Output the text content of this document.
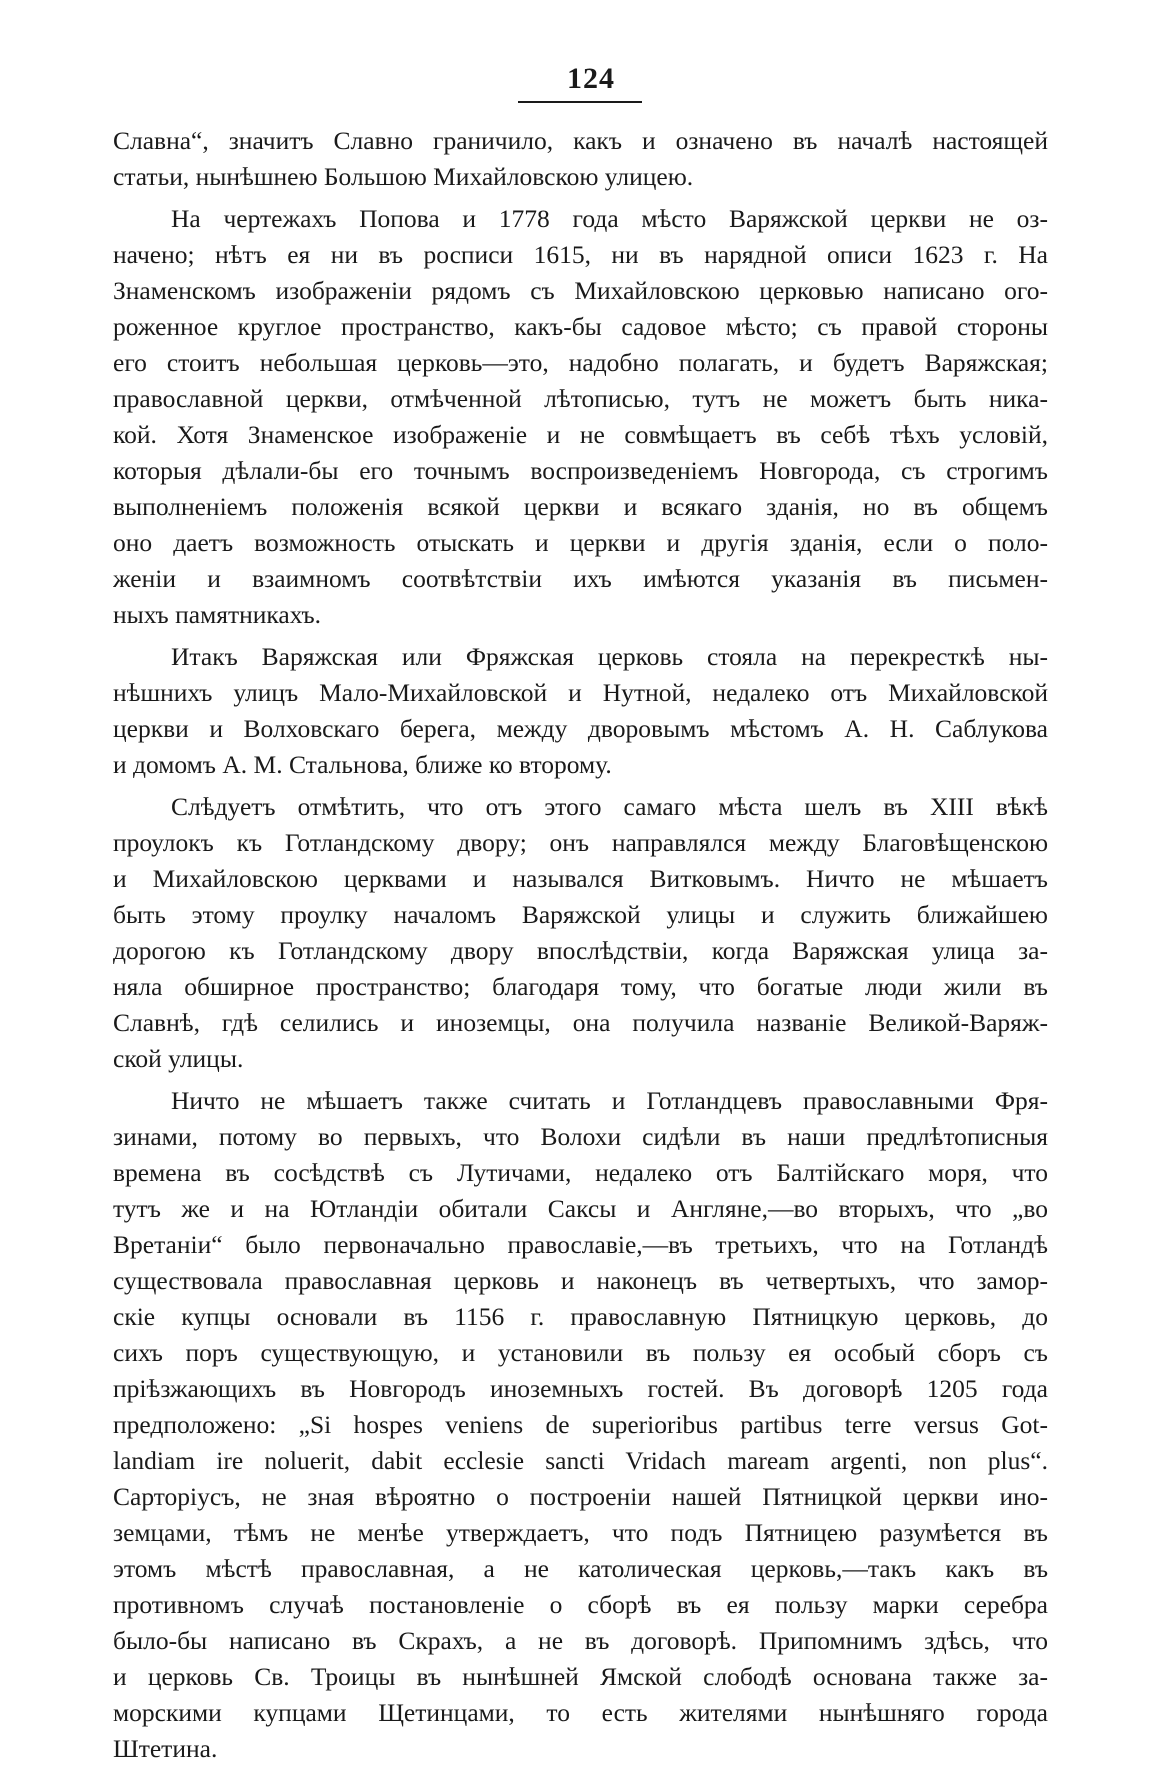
124
Славна“, значитъ Славно граничило, какъ и означено въ началѣ настоящей
статьи, нынѣшнею Большою Михайловскою улицею.
На чертежахъ Попова и 1778 года мѣсто Варяжской церкви не оз-
начено; нѣтъ ея ни въ росписи 1615, ни въ нарядной описи 1623 г. На
Знаменскомъ изображеніи рядомъ съ Михайловскою церковью написано ого-
роженное круглое пространство, какъ-бы садовое мѣсто; съ правой стороны
его стоитъ небольшая церковь—это, надобно полагать, и будетъ Варяжская;
православной церкви, отмѣченной лѣтописью, тутъ не можетъ быть ника-
кой. Хотя Знаменское изображеніе и не совмѣщаетъ въ себѣ тѣхъ условій,
которыя дѣлали-бы его точнымъ воспроизведеніемъ Новгорода, съ строгимъ
выполненіемъ положенія всякой церкви и всякаго зданія, но въ общемъ
оно даетъ возможность отыскать и церкви и другія зданія, если о поло-
женіи и взаимномъ соотвѣтствіи ихъ имѣются указанія въ письмен-
ныхъ памятникахъ.
Итакъ Варяжская или Фряжская церковь стояла на перекресткѣ ны-
нѣшнихъ улицъ Мало-Михайловской и Нутной, недалеко отъ Михайловской
церкви и Волховскаго берега, между дворовымъ мѣстомъ А. Н. Саблукова
и домомъ А. М. Стальнова, ближе ко второму.
Слѣдуетъ отмѣтить, что отъ этого самаго мѣста шелъ въ XIII вѣкѣ
проулокъ къ Готландскому двору; онъ направлялся между Благовѣщенскою
и Михайловскою церквами и назывался Витковымъ. Ничто не мѣшаетъ
быть этому проулку началомъ Варяжской улицы и служить ближайшею
дорогою къ Готландскому двору впослѣдствіи, когда Варяжская улица за-
няла обширное пространство; благодаря тому, что богатые люди жили въ
Славнѣ, гдѣ селились и иноземцы, она получила названіе Великой-Варяж-
ской улицы.
Ничто не мѣшаетъ также считать и Готландцевъ православными Фря-
зинами, потому во первыхъ, что Волохи сидѣли въ наши предлѣтописныя
времена въ сосѣдствѣ съ Лутичами, недалеко отъ Балтійскаго моря, что
тутъ же и на Ютландіи обитали Саксы и Англяне,—во вторыхъ, что „во
Вретаніи“ было первоначально православіе,—въ третьихъ, что на Готландѣ
существовала православная церковь и наконецъ въ четвертыхъ, что замор-
скіе купцы основали въ 1156 г. православную Пятницкую церковь, до
сихъ поръ существующую, и установили въ пользу ея особый сборъ съ
пріѣзжающихъ въ Новгородъ иноземныхъ гостей. Въ договорѣ 1205 года
предположено: „Si hospes veniens de superioribus partibus terre versus Got-
landiam ire noluerit, dabit ecclesie sancti Vridach maream argenti, non plus“.
Сарторіусъ, не зная вѣроятно о построеніи нашей Пятницкой церкви ино-
земцами, тѣмъ не менѣе утверждаетъ, что подъ Пятницею разумѣется въ
этомъ мѣстѣ православная, а не католическая церковь,—такъ какъ въ
противномъ случаѣ постановленіе о сборѣ въ ея пользу марки серебра
было-бы написано въ Скрахъ, а не въ договорѣ. Припомнимъ здѣсь, что
и церковь Св. Троицы въ нынѣшней Ямской слободѣ основана также за-
морскими купцами Щетинцами, то есть жителями нынѣшняго города
Штетина.
